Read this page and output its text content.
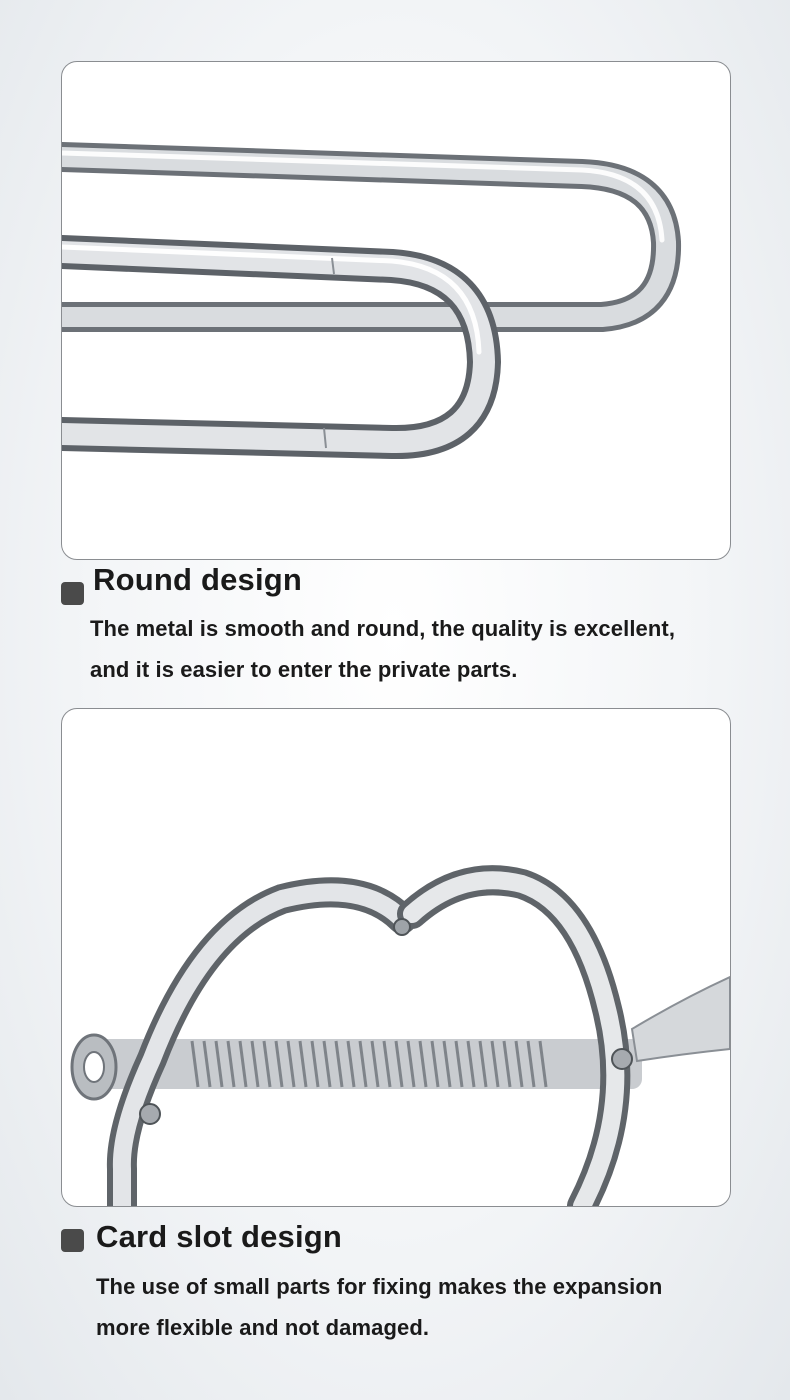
Round design
The metal is smooth and round, the quality is excellent,
and it is easier to enter the private parts.
Card slot design
The use of small parts for fixing makes the expansion
more flexible and not damaged.
